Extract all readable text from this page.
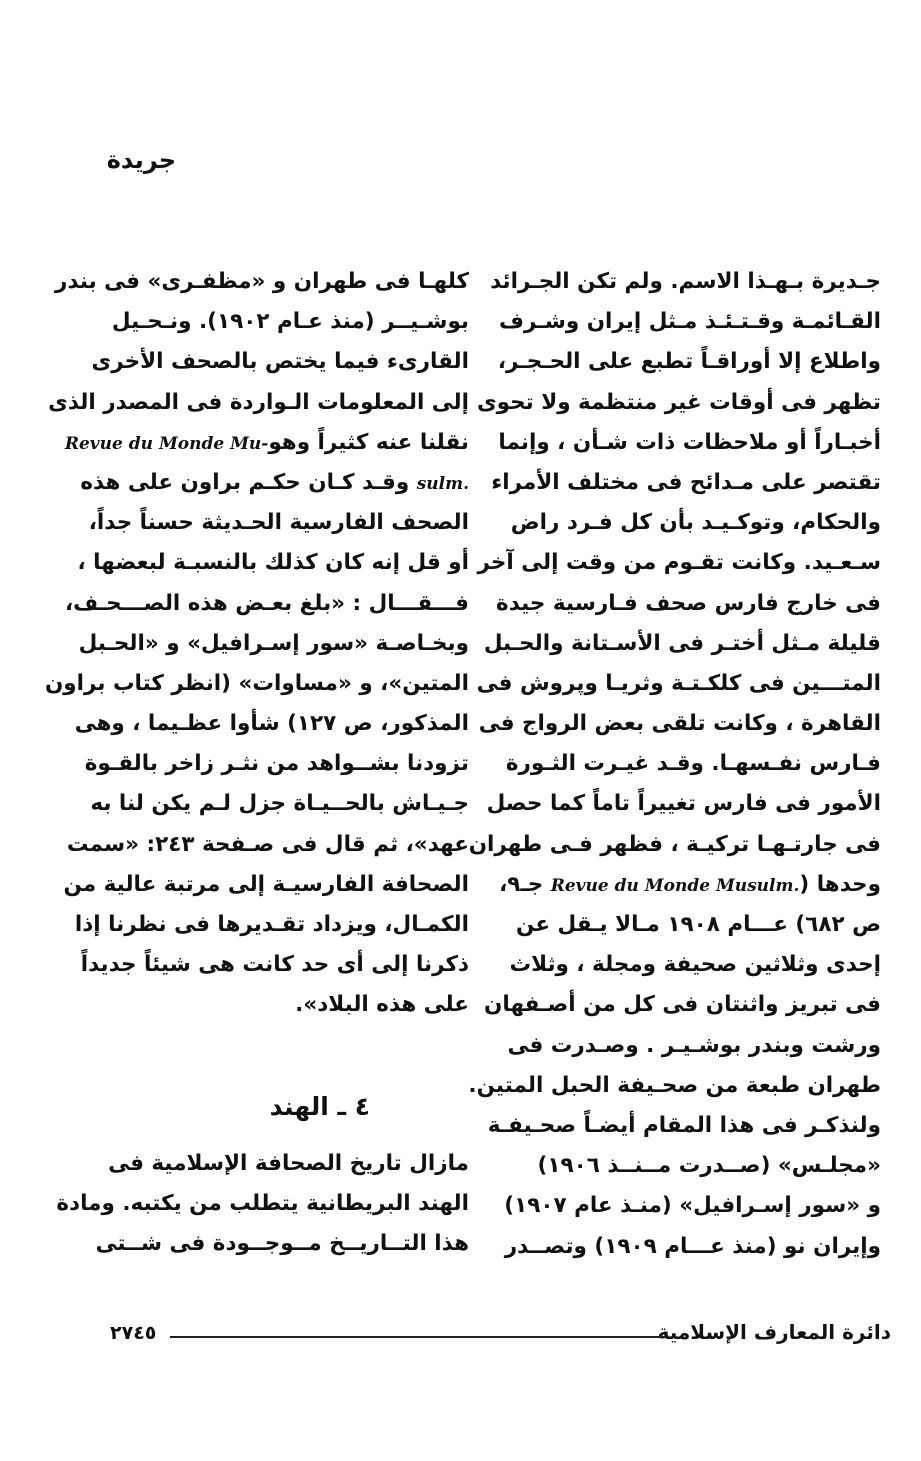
جريدة
جـديرة بـهـذا الاسم. ولم تكن الجـرائد
القـائمـة وقـتـئـذ مـثل إيران وشـرف
واطلاع إلا أوراقـاً تطبع على الحـجـر،
تظهر فى أوقات غير منتظمة ولا تحوى
أخبـاراً أو ملاحظات ذات شـأن ، وإنما
تقتصر على مـدائح فى مختلف الأمراء
والحكام، وتوكـيـد بأن كل فـرد راض
سـعـيد. وكانت تقـوم من وقت إلى آخر
فى خارج فارس صحف فـارسية جيدة
قليلة مـثل أختـر فى الأسـتانة والحـبل
المتـــين فى كلكـتـة وثريـا وپروش فى
القاهرة ، وكانت تلقى بعض الرواج فى
فـارس نفـسهـا. وقـد غيـرت الثـورة
الأمور فى فارس تغييراً تاماً كما حصل
فى جارتـهـا تركيـة ، فظهر فـى طهران
وحدها (Revue du Monde Musulm. جـ٩،
ص ٦٨٢) عـــام ١٩٠٨ مـالا يـقل عن
إحدى وثلاثين صحيفة ومجلة ، وثلاث
فى تبريز واثنتان فى كل من أصـفهان
ورشت وبندر بوشـيـر . وصـدرت فى
طهران طبعة من صحـيفة الحبل المتين.
ولنذكـر فى هذا المقام أيضـاً صحـيفـة
«مجلـس» (صــدرت مــنــذ ١٩٠٦)
و «سور إسـرافيل» (منـذ عام ١٩٠٧)
وإيران نو (منذ عـــام ١٩٠٩) وتصــدر
كلهـا فى طهران و «مظفـرى» فى بندر
بوشـيــر (منذ عـام ١٩٠٢). ونـحـيل
القارىء فيما يختص بالصحف الأخرى
إلى المعلومات الـواردة فى المصدر الذى
نقلنا عنه كثيراً وهوRevue du Monde Mu-
sulm. وقـد كـان حكـم براون على هذه
الصحف الفارسية الحـديثة حسناً جداً،
أو قل إنه كان كذلك بالنسبـة لبعضها ،
فـــقـــال : «بلغ بعـض هذه الصـــحـف،
وبخـاصـة «سور إسـرافيل» و «الحـبل
المتين»، و «مساوات» (انظر كتاب براون
المذكور، ص ١٢٧) شأوا عظـيما ، وهى
تزودنا بشــواهد من نثـر زاخر بالقـوة
جـيـاش بالحــيـاة جزل لـم يكن لنا به
عهد»، ثم قال فى صـفحة ٢٤٣: «سمت
الصحافة الفارسيـة إلى مرتبة عالية من
الكمـال، ويزداد تقـديرها فى نظرنا إذا
ذكرنا إلى أى حد كانت هى شيئاً جديداً
على هذه البلاد».
٤ ـ الهند
مازال تاريخ الصحافة الإسلامية فى
الهند البريطانية يتطلب من يكتبه. ومادة
هذا التــاريــخ مــوجــودة فى شــتى
دائرة المعارف الإسلامية
٢٧٤٥
